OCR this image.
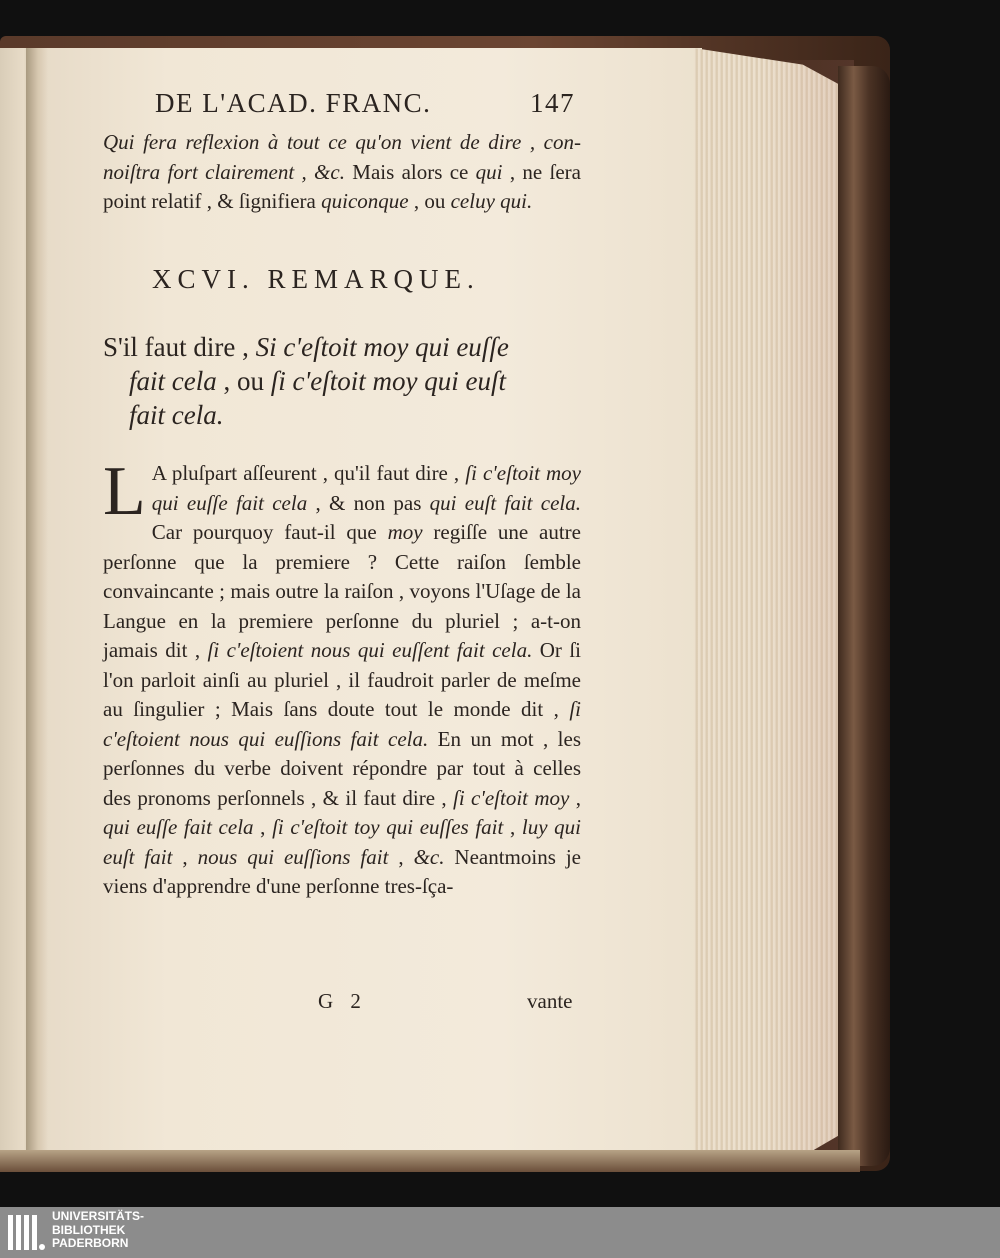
DE L'ACAD. FRANC.	147
Qui fera reflexion à tout ce qu'on vient de dire , con-noiſtra fort clairement , &c. Mais alors ce qui , ne ſera point relatif , & ſignifiera quiconque , ou celuy qui.
XCVI. REMARQUE.
S'il faut dire , Si c'eſtoit moy qui euſſe
fait cela , ou ſi c'eſtoit moy qui euſt
fait cela.
L A pluſpart aſſeurent , qu'il faut dire , ſi c'eſtoit moy qui euſſe fait cela , & non pas qui euſt fait cela. Car pourquoy faut-il que moy regiſſe une autre perſonne que la premiere ? Cette raiſon ſemble convaincante ; mais outre la raiſon , voyons l'Uſage de la Langue en la premiere perſonne du pluriel ; a-t-on jamais dit , ſi c'eſtoient nous qui euſſent fait cela. Or ſi l'on parloit ainſi au pluriel , il faudroit parler de meſme au ſingulier ; Mais ſans doute tout le monde dit , ſi c'eſtoient nous qui euſſions fait cela. En un mot , les perſonnes du verbe doivent répondre par tout à celles des pronoms perſonnels , & il faut dire , ſi c'eſtoit moy , qui euſſe fait cela , ſi c'eſtoit toy qui euſſes fait , luy qui euſt fait , nous qui euſſions fait , &c. Neantmoins je viens d'apprendre d'une perſonne tres-ſça-
G 2	vante
UNIVERSITÄTS-
BIBLIOTHEK
PADERBORN
